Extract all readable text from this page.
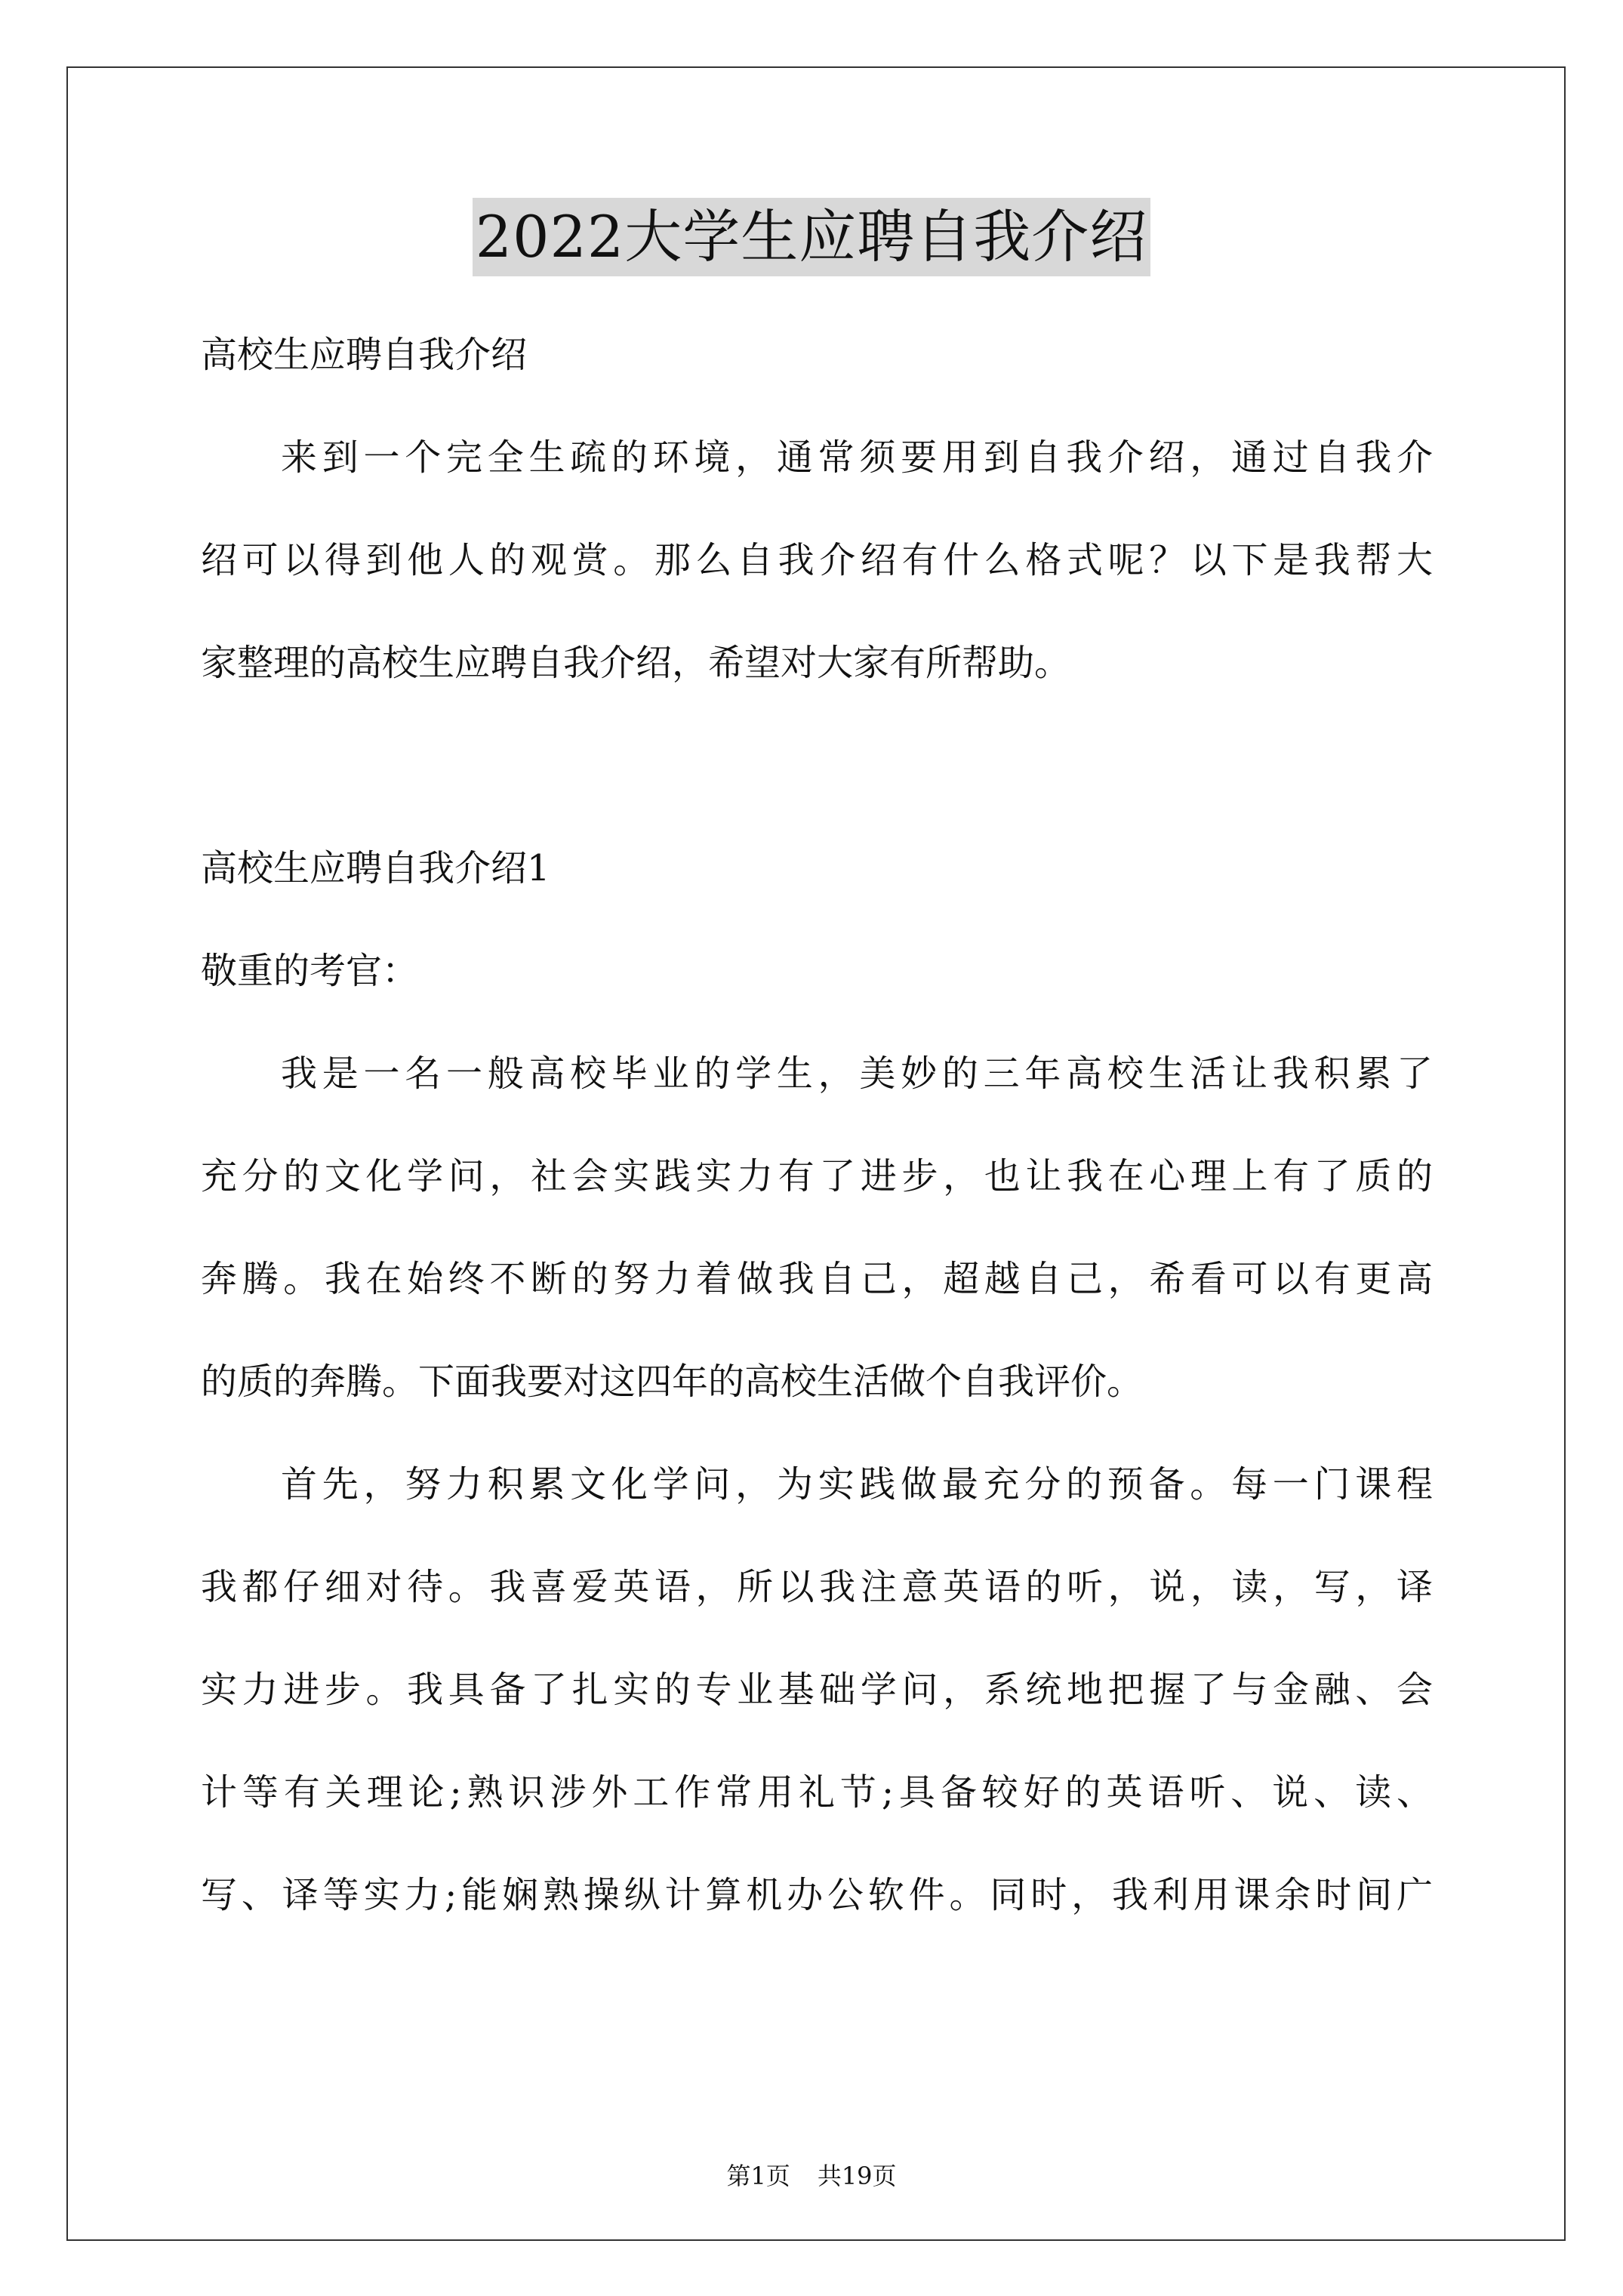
2022大学生应聘自我介绍
高校生应聘自我介绍
来到一个完全生疏的环境，通常须要用到自我介绍，通过自我介
绍可以得到他人的观赏。那么自我介绍有什么格式呢？以下是我帮大
家整理的高校生应聘自我介绍，希望对大家有所帮助。
高校生应聘自我介绍1
敬重的考官：
我是一名一般高校毕业的学生，美妙的三年高校生活让我积累了
充分的文化学问，社会实践实力有了进步，也让我在心理上有了质的
奔腾。我在始终不断的努力着做我自己，超越自己，希看可以有更高
的质的奔腾。下面我要对这四年的高校生活做个自我评价。
首先，努力积累文化学问，为实践做最充分的预备。每一门课程
我都仔细对待。我喜爱英语，所以我注意英语的听，说，读，写，译
实力进步。我具备了扎实的专业基础学问，系统地把握了与金融、会
计等有关理论;熟识涉外工作常用礼节;具备较好的英语听、说、读、
写、译等实力;能娴熟操纵计算机办公软件。同时，我利用课余时间广
第1页 共19页
